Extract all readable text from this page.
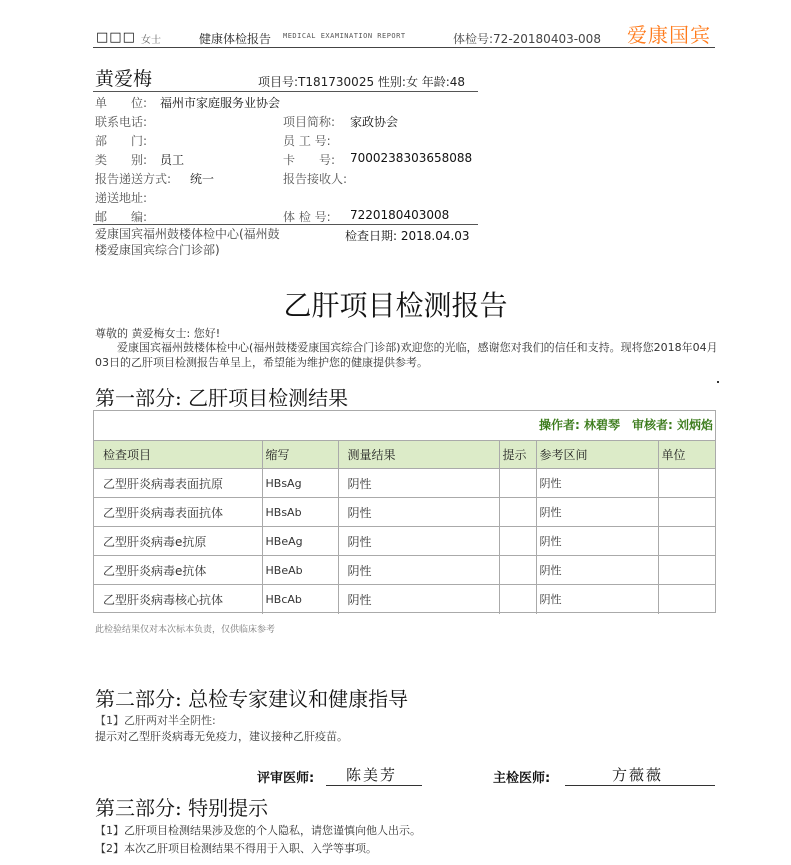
□□□ 女士	健康体检报告 MEDICAL EXAMINATION REPORT	体检号:72-20180403-008 爱康国宾
黄爱梅	项目号:T181730025 性别:女 年龄:48
单　　位: 福州市家庭服务业协会
联系电话:	项目简称: 家政协会
部　　门:	员 工 号:
类　　别: 员工	卡　　号: 7000238303658088
报告递送方式: 统一	报告接收人:
递送地址:
邮　　编:	体 检 号: 7220180403008
爱康国宾福州鼓楼体检中心(福州鼓楼爱康国宾综合门诊部)
检查日期: 2018.04.03
乙肝项目检测报告
尊敬的 黄爱梅女士: 您好!
爱康国宾福州鼓楼体检中心(福州鼓楼爱康国宾综合门诊部)欢迎您的光临，感谢您对我们的信任和支持。现将您2018年04月03日的乙肝项目检测报告单呈上，希望能为维护您的健康提供参考。
第一部分: 乙肝项目检测结果
操作者: 林碧琴　审核者: 刘炳焰
检查项目	缩写	测量结果	提示	参考区间	单位
乙型肝炎病毒表面抗原	HBsAg	阴性		阴性	
乙型肝炎病毒表面抗体	HBsAb	阴性		阴性	
乙型肝炎病毒e抗原	HBeAg	阴性		阴性	
乙型肝炎病毒e抗体	HBeAb	阴性		阴性	
乙型肝炎病毒核心抗体	HBcAb	阴性		阴性	
此检验结果仅对本次标本负责，仅供临床参考
第二部分: 总检专家建议和健康指导
【1】乙肝两对半全阴性:
提示对乙型肝炎病毒无免疫力，建议接种乙肝疫苗。
评审医师: 陈美芳	主检医师:	方薇薇
第三部分: 特别提示
【1】乙肝项目检测结果涉及您的个人隐私，请您谨慎向他人出示。
【2】本次乙肝项目检测结果不得用于入职、入学等事项。
